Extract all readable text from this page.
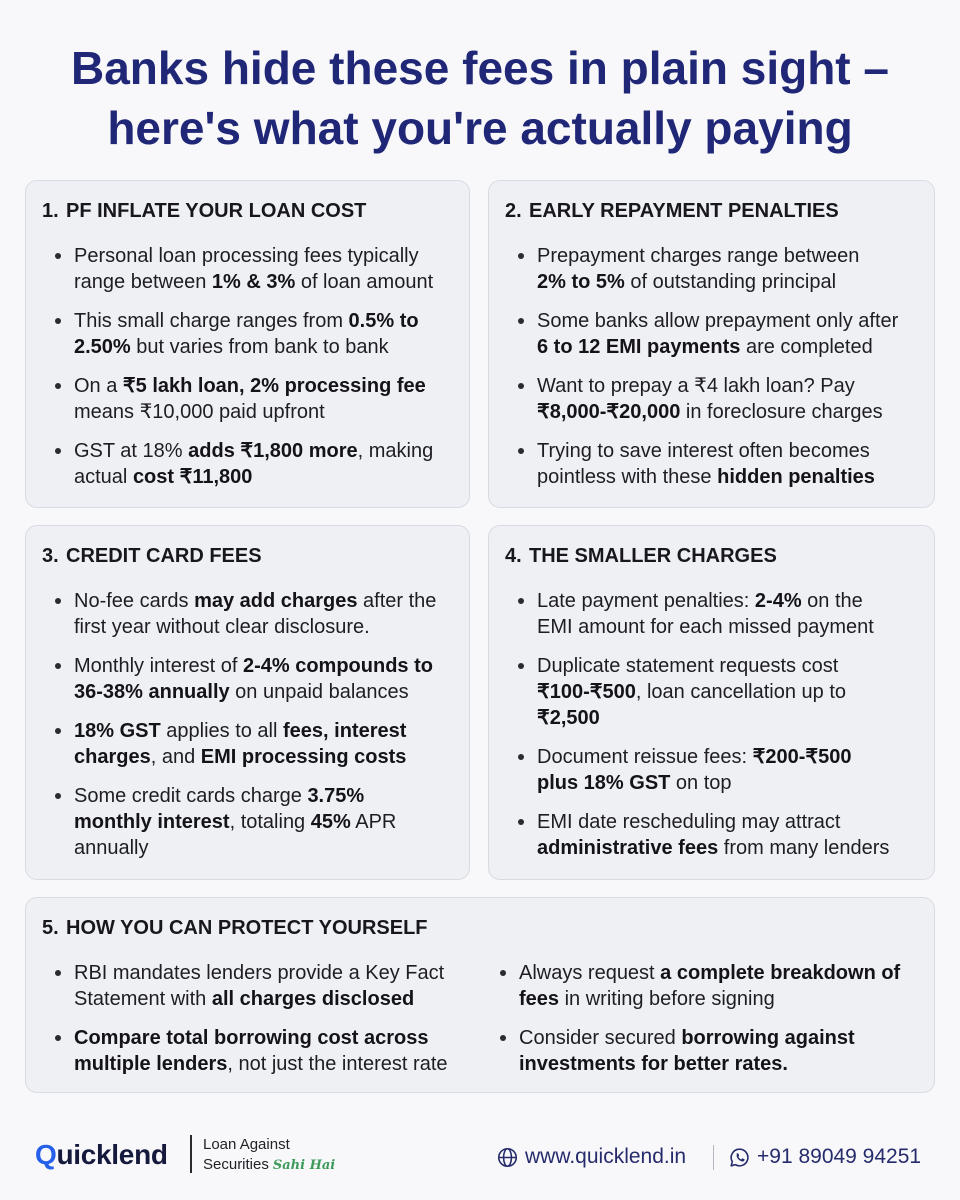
Banks hide these fees in plain sight –
here's what you're actually paying
1. PF INFLATE YOUR LOAN COST
Personal loan processing fees typically
range between 1% & 3% of loan amount
This small charge ranges from 0.5% to
2.50% but varies from bank to bank
On a ₹5 lakh loan, 2% processing fee
means ₹10,000 paid upfront
GST at 18% adds ₹1,800 more, making
actual cost ₹11,800
2. EARLY REPAYMENT PENALTIES
Prepayment charges range between
2% to 5% of outstanding principal
Some banks allow prepayment only after
6 to 12 EMI payments are completed
Want to prepay a ₹4 lakh loan? Pay
₹8,000-₹20,000 in foreclosure charges
Trying to save interest often becomes
pointless with these hidden penalties
3. CREDIT CARD FEES
No-fee cards may add charges after the
first year without clear disclosure.
Monthly interest of 2-4% compounds to
36-38% annually on unpaid balances
18% GST applies to all fees, interest
charges, and EMI processing costs
Some credit cards charge 3.75%
monthly interest, totaling 45% APR
annually
4. THE SMALLER CHARGES
Late payment penalties: 2-4% on the
EMI amount for each missed payment
Duplicate statement requests cost
₹100-₹500, loan cancellation up to
₹2,500
Document reissue fees: ₹200-₹500
plus 18% GST on top
EMI date rescheduling may attract
administrative fees from many lenders
5. HOW YOU CAN PROTECT YOURSELF
RBI mandates lenders provide a Key Fact
Statement with all charges disclosed
Compare total borrowing cost across
multiple lenders, not just the interest rate
Always request a complete breakdown of
fees in writing before signing
Consider secured borrowing against
investments for better rates.
Quicklend Loan Against
Securities Sahi Hai	www.quicklend.in	+91 89049 94251
